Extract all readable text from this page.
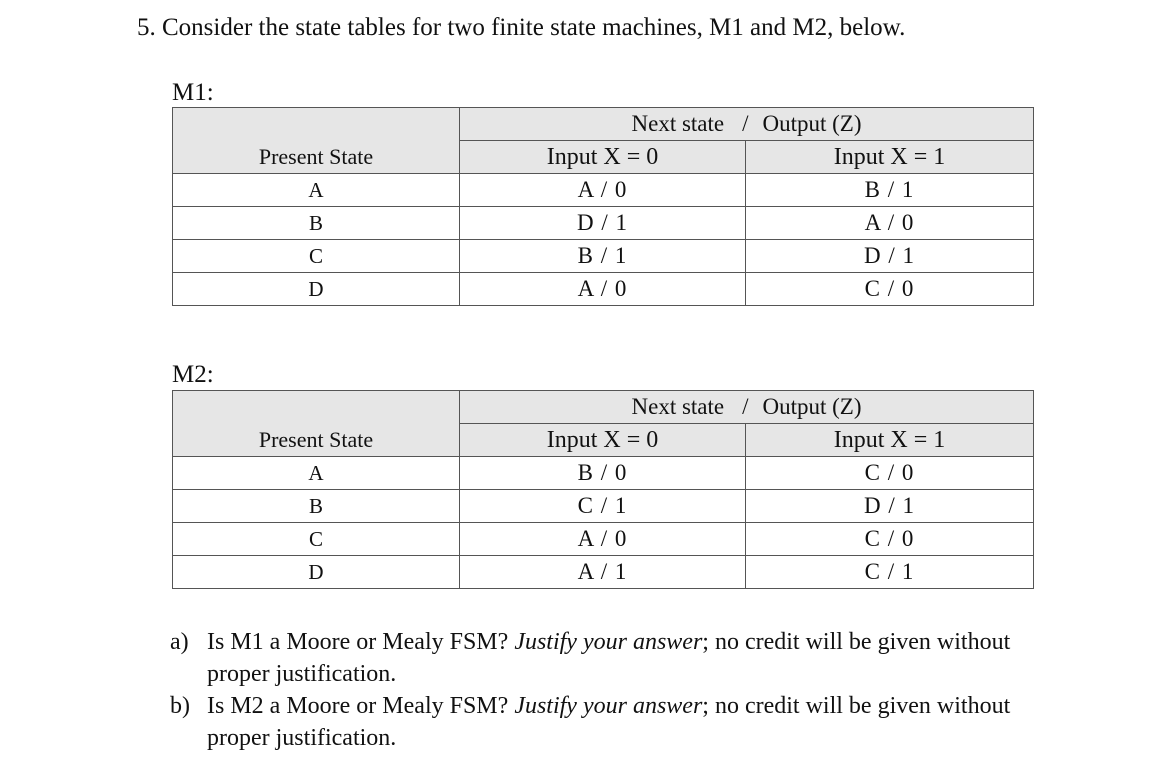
5. Consider the state tables for two finite state machines, M1 and M2, below.
M1:
Present State	Next state / Output (Z)	
	Input X = 0	Input X = 1
A	A / 0	B / 1
B	D / 1	A / 0
C	B / 1	D / 1
D	A / 0	C / 0
M2:
Present State	Next state / Output (Z)	
	Input X = 0	Input X = 1
A	B / 0	C / 0
B	C / 1	D / 1
C	A / 0	C / 0
D	A / 1	C / 1
a) Is M1 a Moore or Mealy FSM? Justify your answer; no credit will be given without proper justification.
b) Is M2 a Moore or Mealy FSM? Justify your answer; no credit will be given without proper justification.
